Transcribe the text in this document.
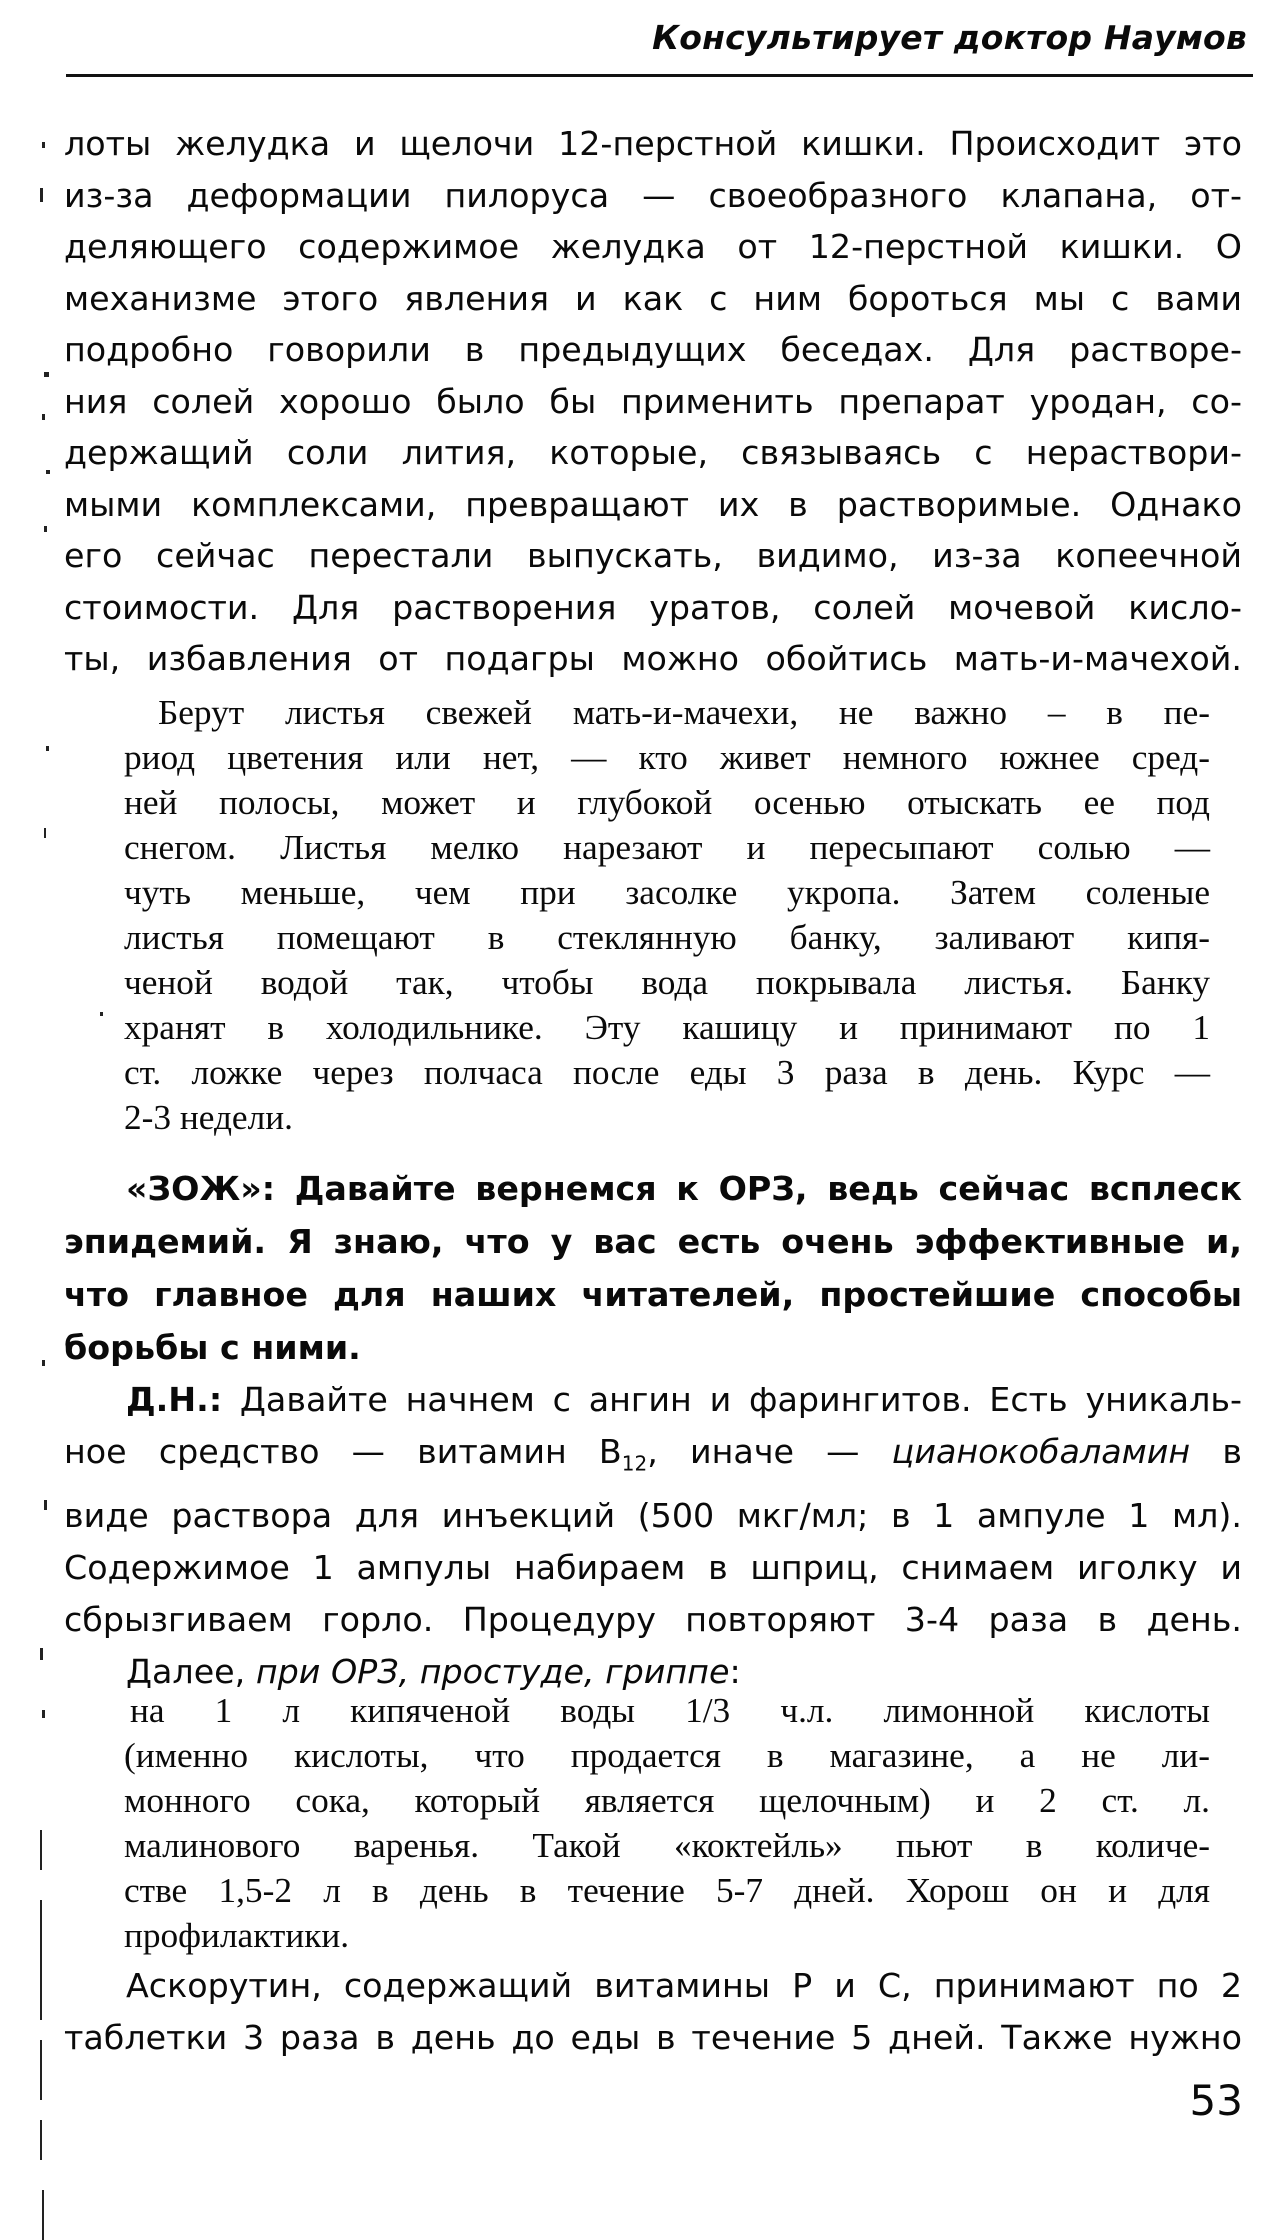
Консультирует доктор Наумов

лоты желудка и щелочи 12-перстной кишки. Происходит это
из-за деформации пилоруса — своеобразного клапана, от-
деляющего содержимое желудка от 12-перстной кишки. О
механизме этого явления и как с ним бороться мы с вами
подробно говорили в предыдущих беседах. Для растворе-
ния солей хорошо было бы применить препарат уродан, со-
держащий соли лития, которые, связываясь с нераствори-
мыми комплексами, превращают их в растворимые. Однако
его сейчас перестали выпускать, видимо, из-за копеечной
стоимости. Для растворения уратов, солей мочевой кисло-
ты, избавления от подагры можно обойтись мать-и-мачехой.

Берут листья свежей мать-и-мачехи, не важно – в пе-
риод цветения или нет, — кто живет немного южнее сред-
ней полосы, может и глубокой осенью отыскать ее под
снегом. Листья мелко нарезают и пересыпают солью —
чуть меньше, чем при засолке укропа. Затем соленые
листья помещают в стеклянную банку, заливают кипя-
ченой водой так, чтобы вода покрывала листья. Банку
хранят в холодильнике. Эту кашицу и принимают по 1
ст. ложке через полчаса после еды 3 раза в день. Курс —
2-3 недели.

«ЗОЖ»: Давайте вернемся к ОРЗ, ведь сейчас всплеск
эпидемий. Я знаю, что у вас есть очень эффективные и,
что главное для наших читателей, простейшие способы
борьбы с ними.

Д.Н.: Давайте начнем с ангин и фарингитов. Есть уникаль-
ное средство — витамин $В_{12}$, иначе — цианокобаламин в
виде раствора для инъекций (500 мкг/мл; в 1 ампуле 1 мл).
Содержимое 1 ампулы набираем в шприц, снимаем иголку и
сбрызгиваем горло. Процедуру повторяют 3-4 раза в день.

Далее, при ОРЗ, простуде, гриппе:

на 1 л кипяченой воды 1/3 ч.л. лимонной кислоты
(именно кислоты, что продается в магазине, а не ли-
монного сока, который является щелочным) и 2 ст. л.
малинового варенья. Такой «коктейль» пьют в количе-
стве 1,5-2 л в день в течение 5-7 дней. Хорош он и для
профилактики.

Аскорутин, содержащий витамины Р и С, принимают по 2
таблетки 3 раза в день до еды в течение 5 дней. Также нужно

53
